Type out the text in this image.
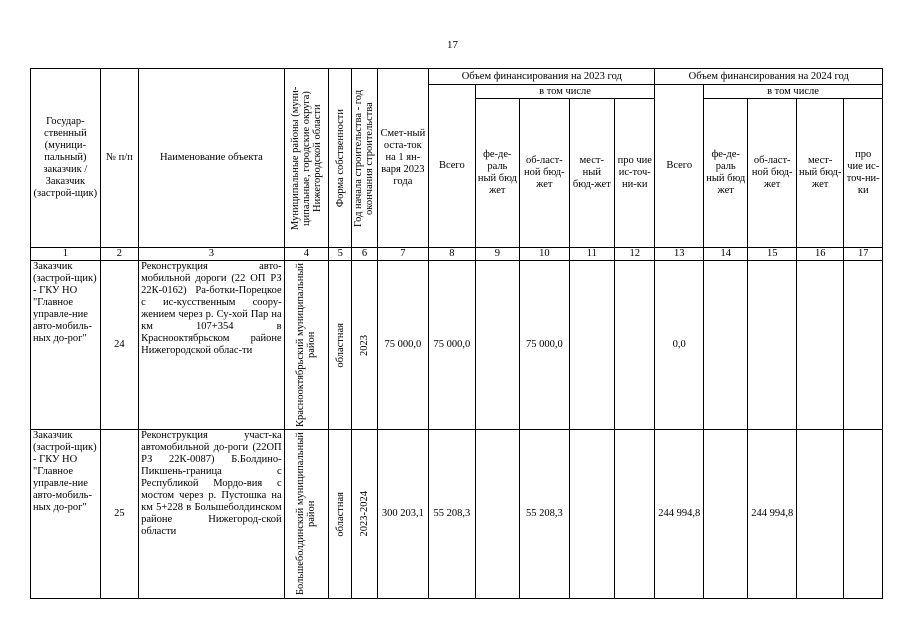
17
Государ-ственный (муници-пальный) заказчик / Заказчик (застрой-щик)	№ п/п	Наименование объекта	Муниципальные районы (муни-ципальные, городские округа) Нижегородской области	Форма собственности	Год начала строительства - год окончания строительства	Смет-ный оста-ток на 1 ян-варя 2023 года	Объем финансирования на 2023 год					Объем финансирования на 2024 год				
							Всего	в том числе				Всего	в том числе			
								фе-де-раль ный бюд жет	об-ласт-ной бюд-жет	мест-ный бюд-жет	про чие ис-точ-ни-ки		фе-де-раль ный бюд жет	об-ласт-ной бюд-жет	мест-ный бюд-жет	про чие ис-точ-ни-ки
1	2	3	4	5	6	7	8	9	10	11	12	13	14	15	16	17
Заказчик (застрой-щик) - ГКУ НО "Главное управле-ние авто-мобиль-ных до-рог"	24	Реконструкция авто-мобильной дороги (22 ОП РЗ 22К-0162) Ра-ботки-Порецкое с ис-кусственным соору-жением через р. Су-хой Пар на км 107+354 в Краснооктябрьском районе Нижегородской облас-ти	Краснооктябрьский муниципальный район	областная	2023	75 000,0	75 000,0		75 000,0			0,0				
Заказчик (застрой-щик) - ГКУ НО "Главное управле-ние авто-мобиль-ных до-рог"	25	Реконструкция участ-ка автомобильной до-роги (22ОП РЗ 22К-0087) Б.Болдино-Пикшень-граница с Республикой Мордо-вия с мостом через р. Пустошка на км 5+228 в Большеболдинском районе Нижегород-ской области	Большеболдинский муниципальный район	областная	2023-2024	300 203,1	55 208,3		55 208,3			244 994,8		244 994,8		
